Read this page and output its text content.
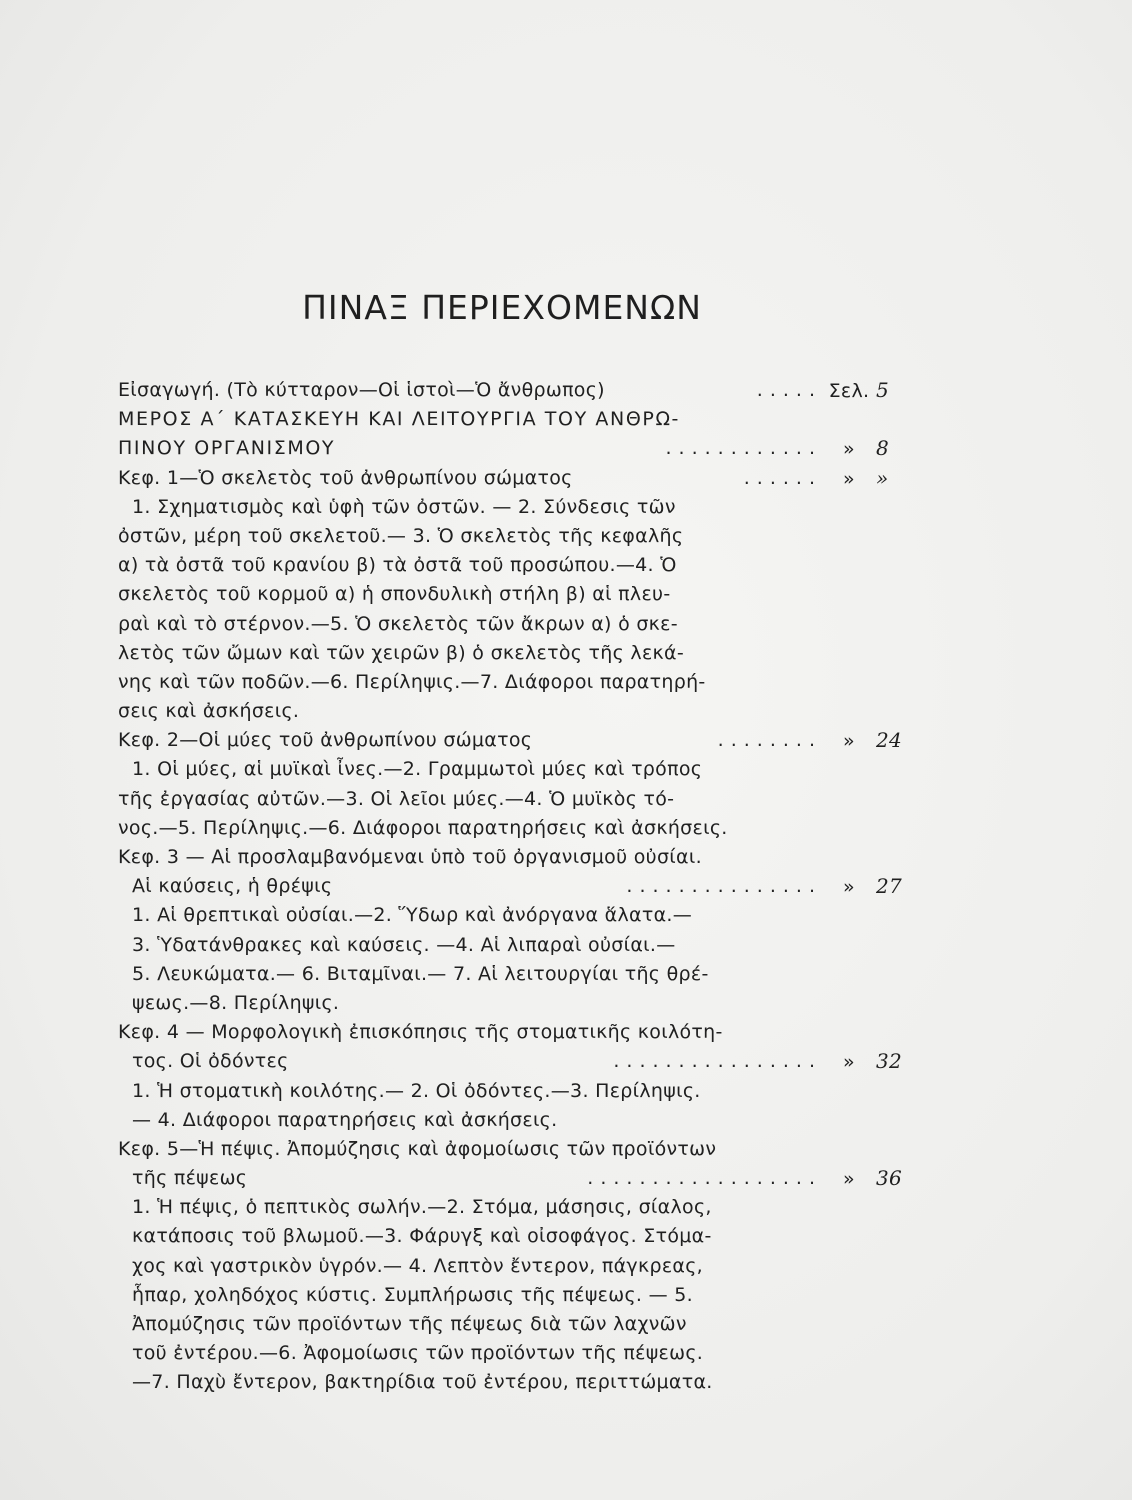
ΠΙΝΑΞ ΠΕΡΙΕΧΟΜΕΝΩΝ
Εἰσαγωγή. (Τὸ κύτταρον—Οἱ ἱστοὶ—Ὁ ἄνθρωπος)	..... Σελ. 5
ΜΕΡΟΣ Α΄ ΚΑΤΑΣΚΕΥΗ ΚΑΙ ΛΕΙΤΟΥΡΓΙΑ ΤΟΥ ΑΝΘΡΩ-
ΠΙΝΟΥ ΟΡΓΑΝΙΣΜΟΥ	............	» 8
Κεφ. 1—Ὁ σκελετὸς τοῦ ἀνθρωπίνου σώματος	......	» »
1. Σχηματισμὸς καὶ ὑφὴ τῶν ὀστῶν. — 2. Σύνδεσις τῶν
ὀστῶν, μέρη τοῦ σκελετοῦ.— 3. Ὁ σκελετὸς τῆς κεφαλῆς
α) τὰ ὀστᾶ τοῦ κρανίου β) τὰ ὀστᾶ τοῦ προσώπου.—4. Ὁ
σκελετὸς τοῦ κορμοῦ α) ἡ σπονδυλικὴ στήλη β) αἱ πλευ-
ραὶ καὶ τὸ στέρνον.—5. Ὁ σκελετὸς τῶν ἄκρων α) ὁ σκε-
λετὸς τῶν ὤμων καὶ τῶν χειρῶν β) ὁ σκελετὸς τῆς λεκά-
νης καὶ τῶν ποδῶν.—6. Περίληψις.—7. Διάφοροι παρατηρή-
σεις καὶ ἀσκήσεις.
Κεφ. 2—Οἱ μύες τοῦ ἀνθρωπίνου σώματος	........	» 24
1. Οἱ μύες, αἱ μυϊκαὶ ἶνες.—2. Γραμμωτοὶ μύες καὶ τρόπος
τῆς ἐργασίας αὐτῶν.—3. Οἱ λεῖοι μύες.—4. Ὁ μυϊκὸς τό-
νος.—5. Περίληψις.—6. Διάφοροι παρατηρήσεις καὶ ἀσκήσεις.
Κεφ. 3 — Αἱ προσλαμβανόμεναι ὑπὸ τοῦ ὀργανισμοῦ οὐσίαι.
Αἱ καύσεις, ἡ θρέψις	...............	» 27
1. Αἱ θρεπτικαὶ οὐσίαι.—2. Ὕδωρ καὶ ἀνόργανα ἅλατα.—
3. Ὑδατάνθρακες καὶ καύσεις. —4. Αἱ λιπαραὶ οὐσίαι.—
5. Λευκώματα.— 6. Βιταμῖναι.— 7. Αἱ λειτουργίαι τῆς θρέ-
ψεως.—8. Περίληψις.
Κεφ. 4 — Μορφολογικὴ ἐπισκόπησις τῆς στοματικῆς κοιλότη-
τος. Οἱ ὀδόντες	................	» 32
1. Ἡ στοματικὴ κοιλότης.— 2. Οἱ ὀδόντες.—3. Περίληψις.
— 4. Διάφοροι παρατηρήσεις καὶ ἀσκήσεις.
Κεφ. 5—Ἡ πέψις. Ἀπομύζησις καὶ ἀφομοίωσις τῶν προϊόντων
τῆς πέψεως	..................	» 36
1. Ἡ πέψις, ὁ πεπτικὸς σωλήν.—2. Στόμα, μάσησις, σίαλος,
κατάποσις τοῦ βλωμοῦ.—3. Φάρυγξ καὶ οἰσοφάγος. Στόμα-
χος καὶ γαστρικὸν ὑγρόν.— 4. Λεπτὸν ἔντερον, πάγκρεας,
ἧπαρ, χοληδόχος κύστις. Συμπλήρωσις τῆς πέψεως. — 5.
Ἀπομύζησις τῶν προϊόντων τῆς πέψεως διὰ τῶν λαχνῶν
τοῦ ἐντέρου.—6. Ἀφομοίωσις τῶν προϊόντων τῆς πέψεως.
—7. Παχὺ ἔντερον, βακτηρίδια τοῦ ἐντέρου, περιττώματα.
